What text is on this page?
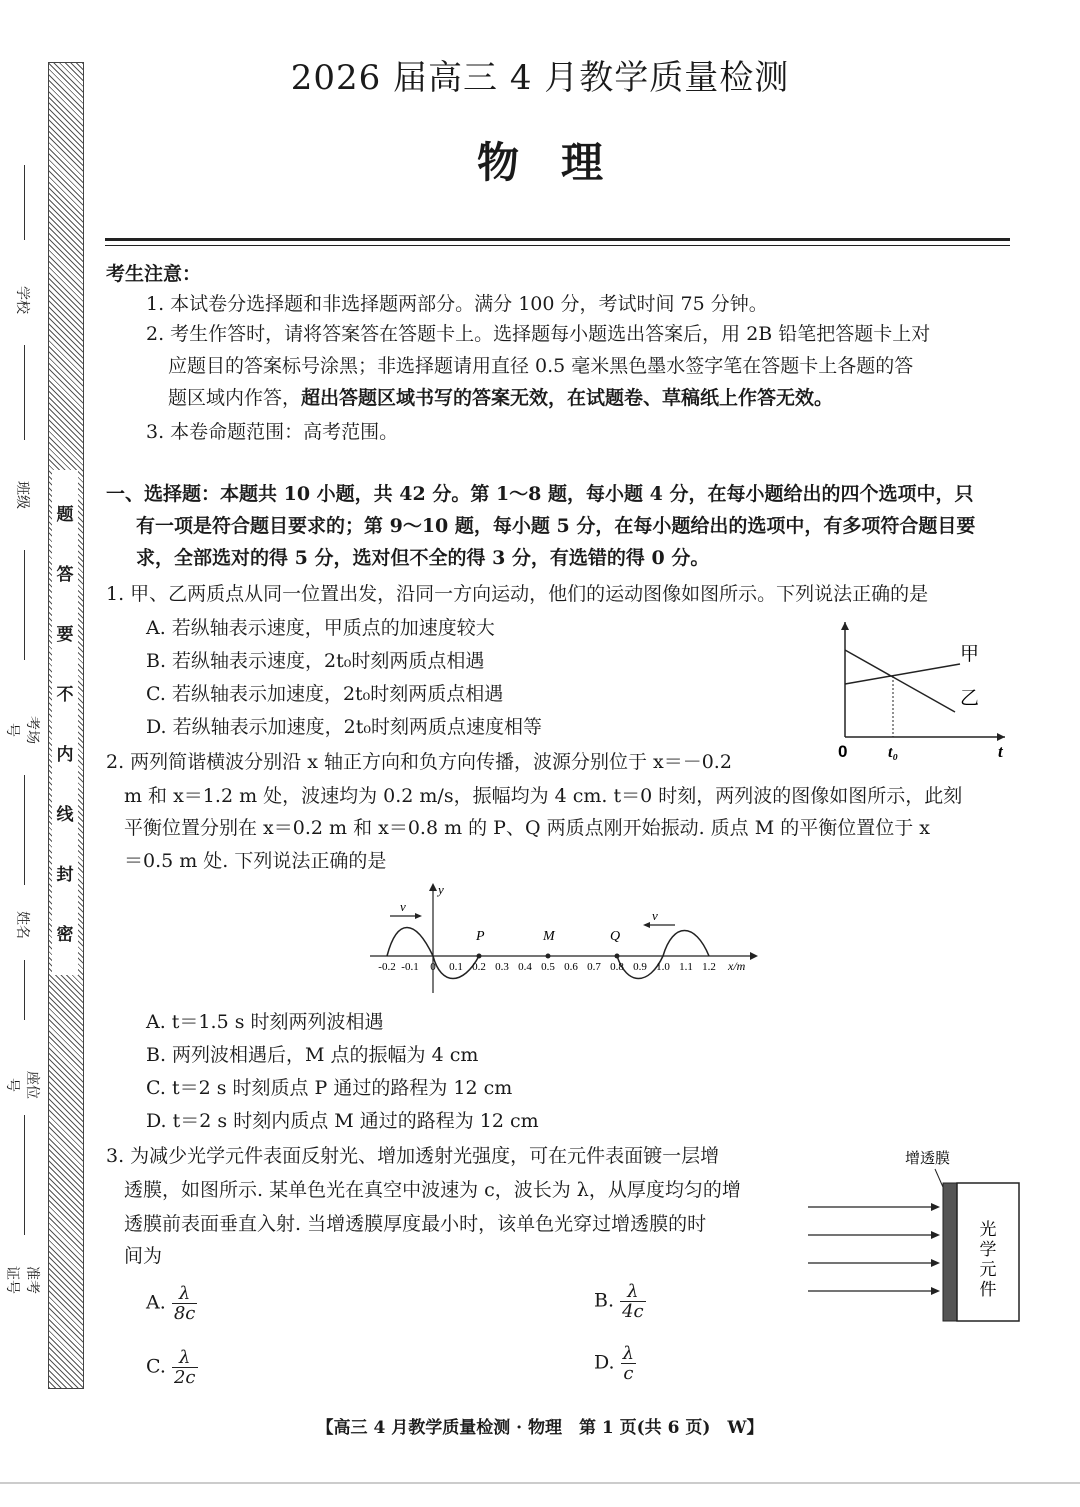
2026 届高三 4 月教学质量检测
物　理
题
答
要
不
内
线
封
密
学校
班级
考场号
姓名
座位号
准考证号
考生注意：
1. 本试卷分选择题和非选择题两部分。满分 100 分，考试时间 75 分钟。
2. 考生作答时，请将答案答在答题卡上。选择题每小题选出答案后，用 2B 铅笔把答题卡上对
应题目的答案标号涂黑；非选择题请用直径 0.5 毫米黑色墨水签字笔在答题卡上各题的答
题区域内作答，超出答题区域书写的答案无效，在试题卷、草稿纸上作答无效。
3. 本卷命题范围：高考范围。
一、选择题：本题共 10 小题，共 42 分。第 1～8 题，每小题 4 分，在每小题给出的四个选项中，只
有一项是符合题目要求的；第 9～10 题，每小题 5 分，在每小题给出的选项中，有多项符合题目要
求，全部选对的得 5 分，选对但不全的得 3 分，有选错的得 0 分。
1. 甲、乙两质点从同一位置出发，沿同一方向运动，他们的运动图像如图所示。下列说法正确的是
A. 若纵轴表示速度，甲质点的加速度较大
B. 若纵轴表示速度，2t₀时刻两质点相遇
C. 若纵轴表示加速度，2t₀时刻两质点相遇
D. 若纵轴表示加速度，2t₀时刻两质点速度相等
0	t₀	t
甲
乙
2. 两列简谐横波分别沿 x 轴正方向和负方向传播，波源分别位于 x＝－0.2
m 和 x＝1.2 m 处，波速均为 0.2 m/s，振幅均为 4 cm. t＝0 时刻，两列波的图像如图所示，此刻
平衡位置分别在 x＝0.2 m 和 x＝0.8 m 的 P、Q 两质点刚开始振动. 质点 M 的平衡位置位于 x
＝0.5 m 处. 下列说法正确的是
y
v
v
P	M	Q
-0.2 -0.1 0 0.1 0.2 0.3 0.4 0.5 0.6 0.7 0.8 0.9 1.0 1.1 1.2 x/m
A. t＝1.5 s 时刻两列波相遇
B. 两列波相遇后，M 点的振幅为 4 cm
C. t＝2 s 时刻质点 P 通过的路程为 12 cm
D. t＝2 s 时刻内质点 M 通过的路程为 12 cm
3. 为减少光学元件表面反射光、增加透射光强度，可在元件表面镀一层增
透膜，如图所示. 某单色光在真空中波速为 c，波长为 λ，从厚度均匀的增
透膜前表面垂直入射. 当增透膜厚度最小时，该单色光穿过增透膜的时
间为
A. $\frac{\lambda}{8c}$	B. $\frac{\lambda}{4c}$
C. $\frac{\lambda}{2c}$	D. $\frac{\lambda}{c}$
增透膜
光
学
元
件
【高三 4 月教学质量检测 · 物理　第 1 页(共 6 页)　W】
